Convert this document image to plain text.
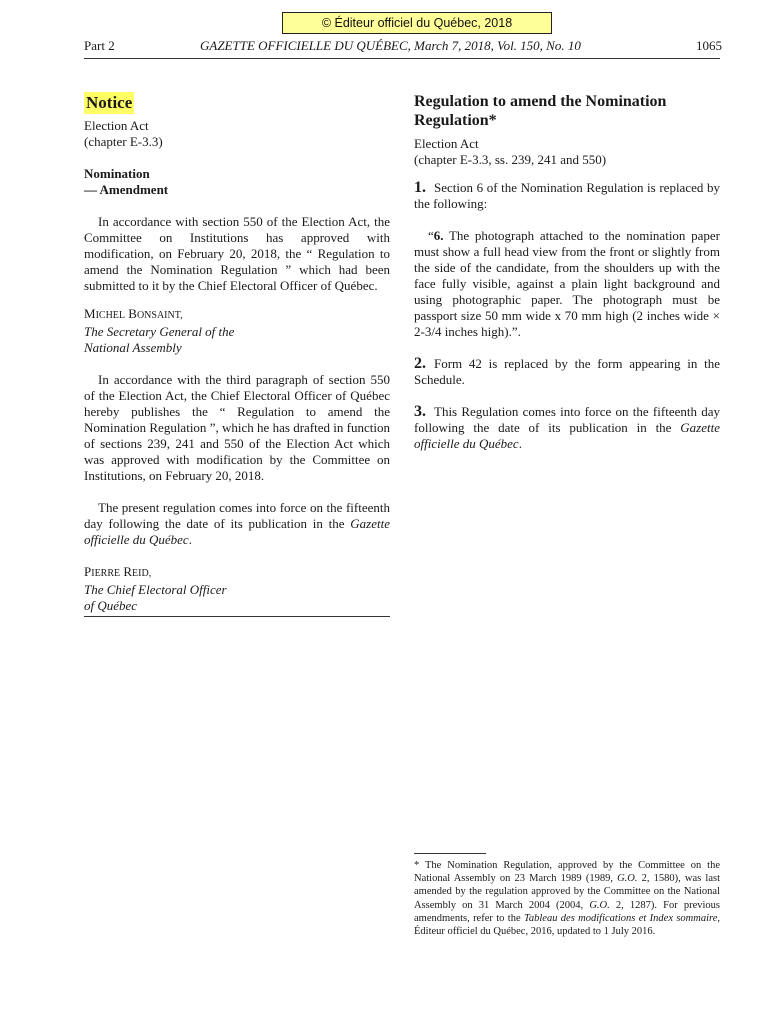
© Éditeur officiel du Québec, 2018
Part 2	GAZETTE OFFICIELLE DU QUÉBEC, March 7, 2018, Vol. 150, No. 10	1065
Notice

Election Act

(chapter E-3.3)

Nomination

— Amendment

In accordance with section 550 of the Election Act, the Committee on Institutions has approved with modification, on February 20, 2018, the “ Regulation to amend the Nomination Regulation ” which had been submitted to it by the Chief Electoral Officer of Québec.

MICHEL BONSAINT,

The Secretary General of the

National Assembly

In accordance with the third paragraph of section 550 of the Election Act, the Chief Electoral Officer of Québec hereby publishes the “ Regulation to amend the Nomination Regulation ”, which he has drafted in function of sections 239, 241 and 550 of the Election Act which was approved with modification by the Committee on Institutions, on February 20, 2018.

The present regulation comes into force on the fifteenth day following the date of its publication in the Gazette officielle du Québec.

PIERRE REID,

The Chief Electoral Officer

of Québec

Regulation to amend the Nomination Regulation*

Election Act

(chapter E-3.3, ss. 239, 241 and 550)

1. Section 6 of the Nomination Regulation is replaced by the following:

“6. The photograph attached to the nomination paper must show a full head view from the front or slightly from the side of the candidate, from the shoulders up with the face fully visible, against a plain light background and using photographic paper. The photograph must be passport size 50 mm wide x 70 mm high (2 inches wide × 2-3/4 inches high).”.

2. Form 42 is replaced by the form appearing in the Schedule.

3. This Regulation comes into force on the fifteenth day following the date of its publication in the Gazette officielle du Québec.

* The Nomination Regulation, approved by the Committee on the National Assembly on 23 March 1989 (1989, G.O. 2, 1580), was last amended by the regulation approved by the Committee on the National Assembly on 31 March 2004 (2004, G.O. 2, 1287). For previous amendments, refer to the Tableau des modifications et Index sommaire, Éditeur officiel du Québec, 2016, updated to 1 July 2016.
